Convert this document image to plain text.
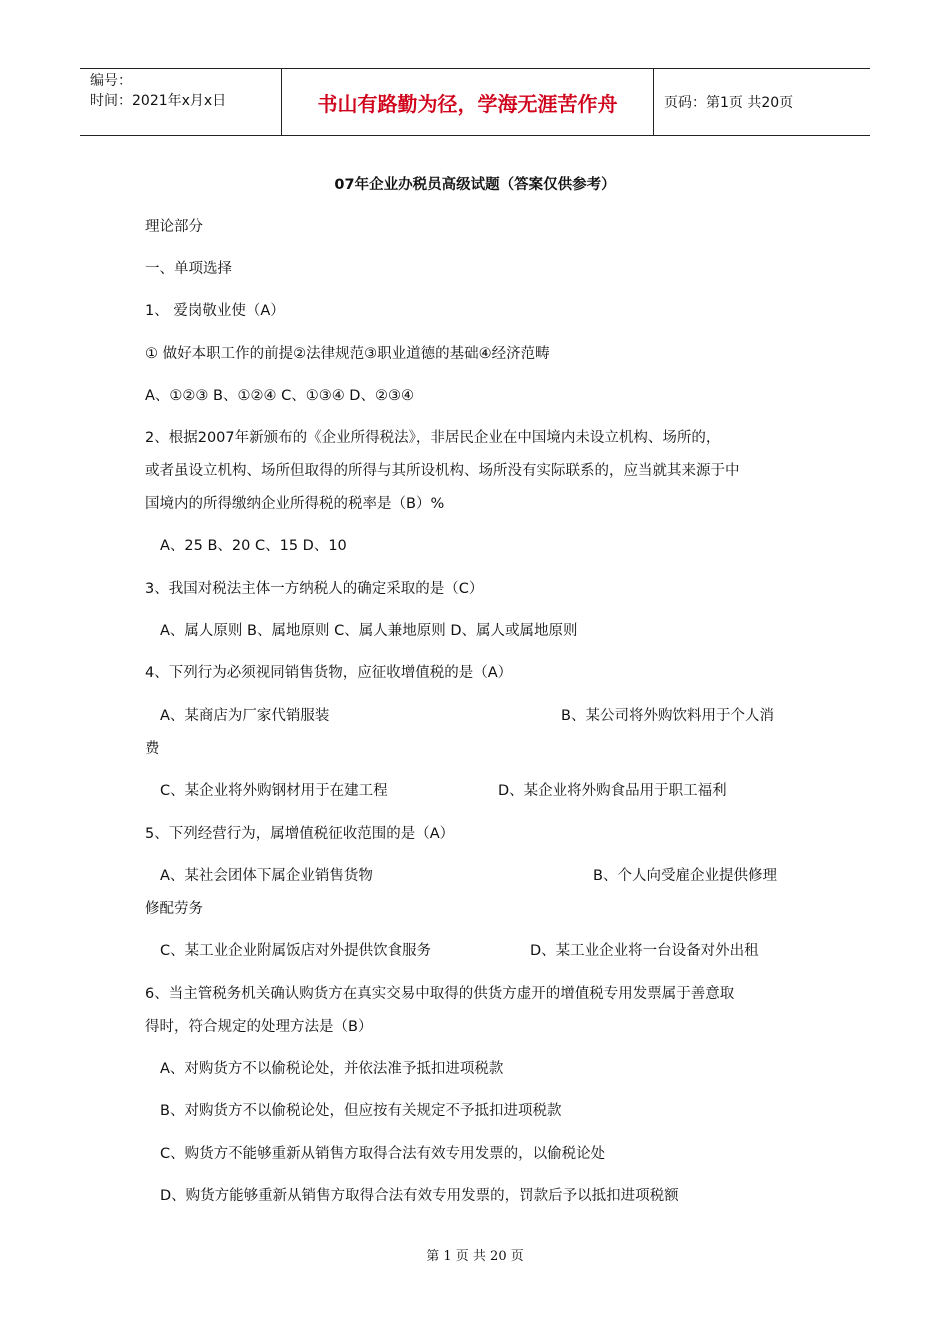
编号：
时间：2021年x月x日	书山有路勤为径，学海无涯苦作舟	页码：第1页 共20页
07年企业办税员高级试题（答案仅供参考）
理论部分
一、单项选择
1、 爱岗敬业使（A）
① 做好本职工作的前提②法律规范③职业道德的基础④经济范畴
A、①②③ B、①②④ C、①③④ D、②③④
2、根据2007年新颁布的《企业所得税法》，非居民企业在中国境内未设立机构、场所的，
或者虽设立机构、场所但取得的所得与其所设机构、场所没有实际联系的，应当就其来源于中
国境内的所得缴纳企业所得税的税率是（B）%
A、25 B、20 C、15 D、10
3、我国对税法主体一方纳税人的确定采取的是（C）
A、属人原则 B、属地原则 C、属人兼地原则 D、属人或属地原则
4、下列行为必须视同销售货物，应征收增值税的是（A）
A、某商店为厂家代销服装	B、某公司将外购饮料用于个人消
费
C、某企业将外购钢材用于在建工程	D、某企业将外购食品用于职工福利
5、下列经营行为，属增值税征收范围的是（A）
A、某社会团体下属企业销售货物	B、个人向受雇企业提供修理
修配劳务
C、某工业企业附属饭店对外提供饮食服务	D、某工业企业将一台设备对外出租
6、当主管税务机关确认购货方在真实交易中取得的供货方虚开的增值税专用发票属于善意取
得时，符合规定的处理方法是（B）
A、对购货方不以偷税论处，并依法准予抵扣进项税款
B、对购货方不以偷税论处，但应按有关规定不予抵扣进项税款
C、购货方不能够重新从销售方取得合法有效专用发票的，以偷税论处
D、购货方能够重新从销售方取得合法有效专用发票的，罚款后予以抵扣进项税额
第 1 页 共 20 页
